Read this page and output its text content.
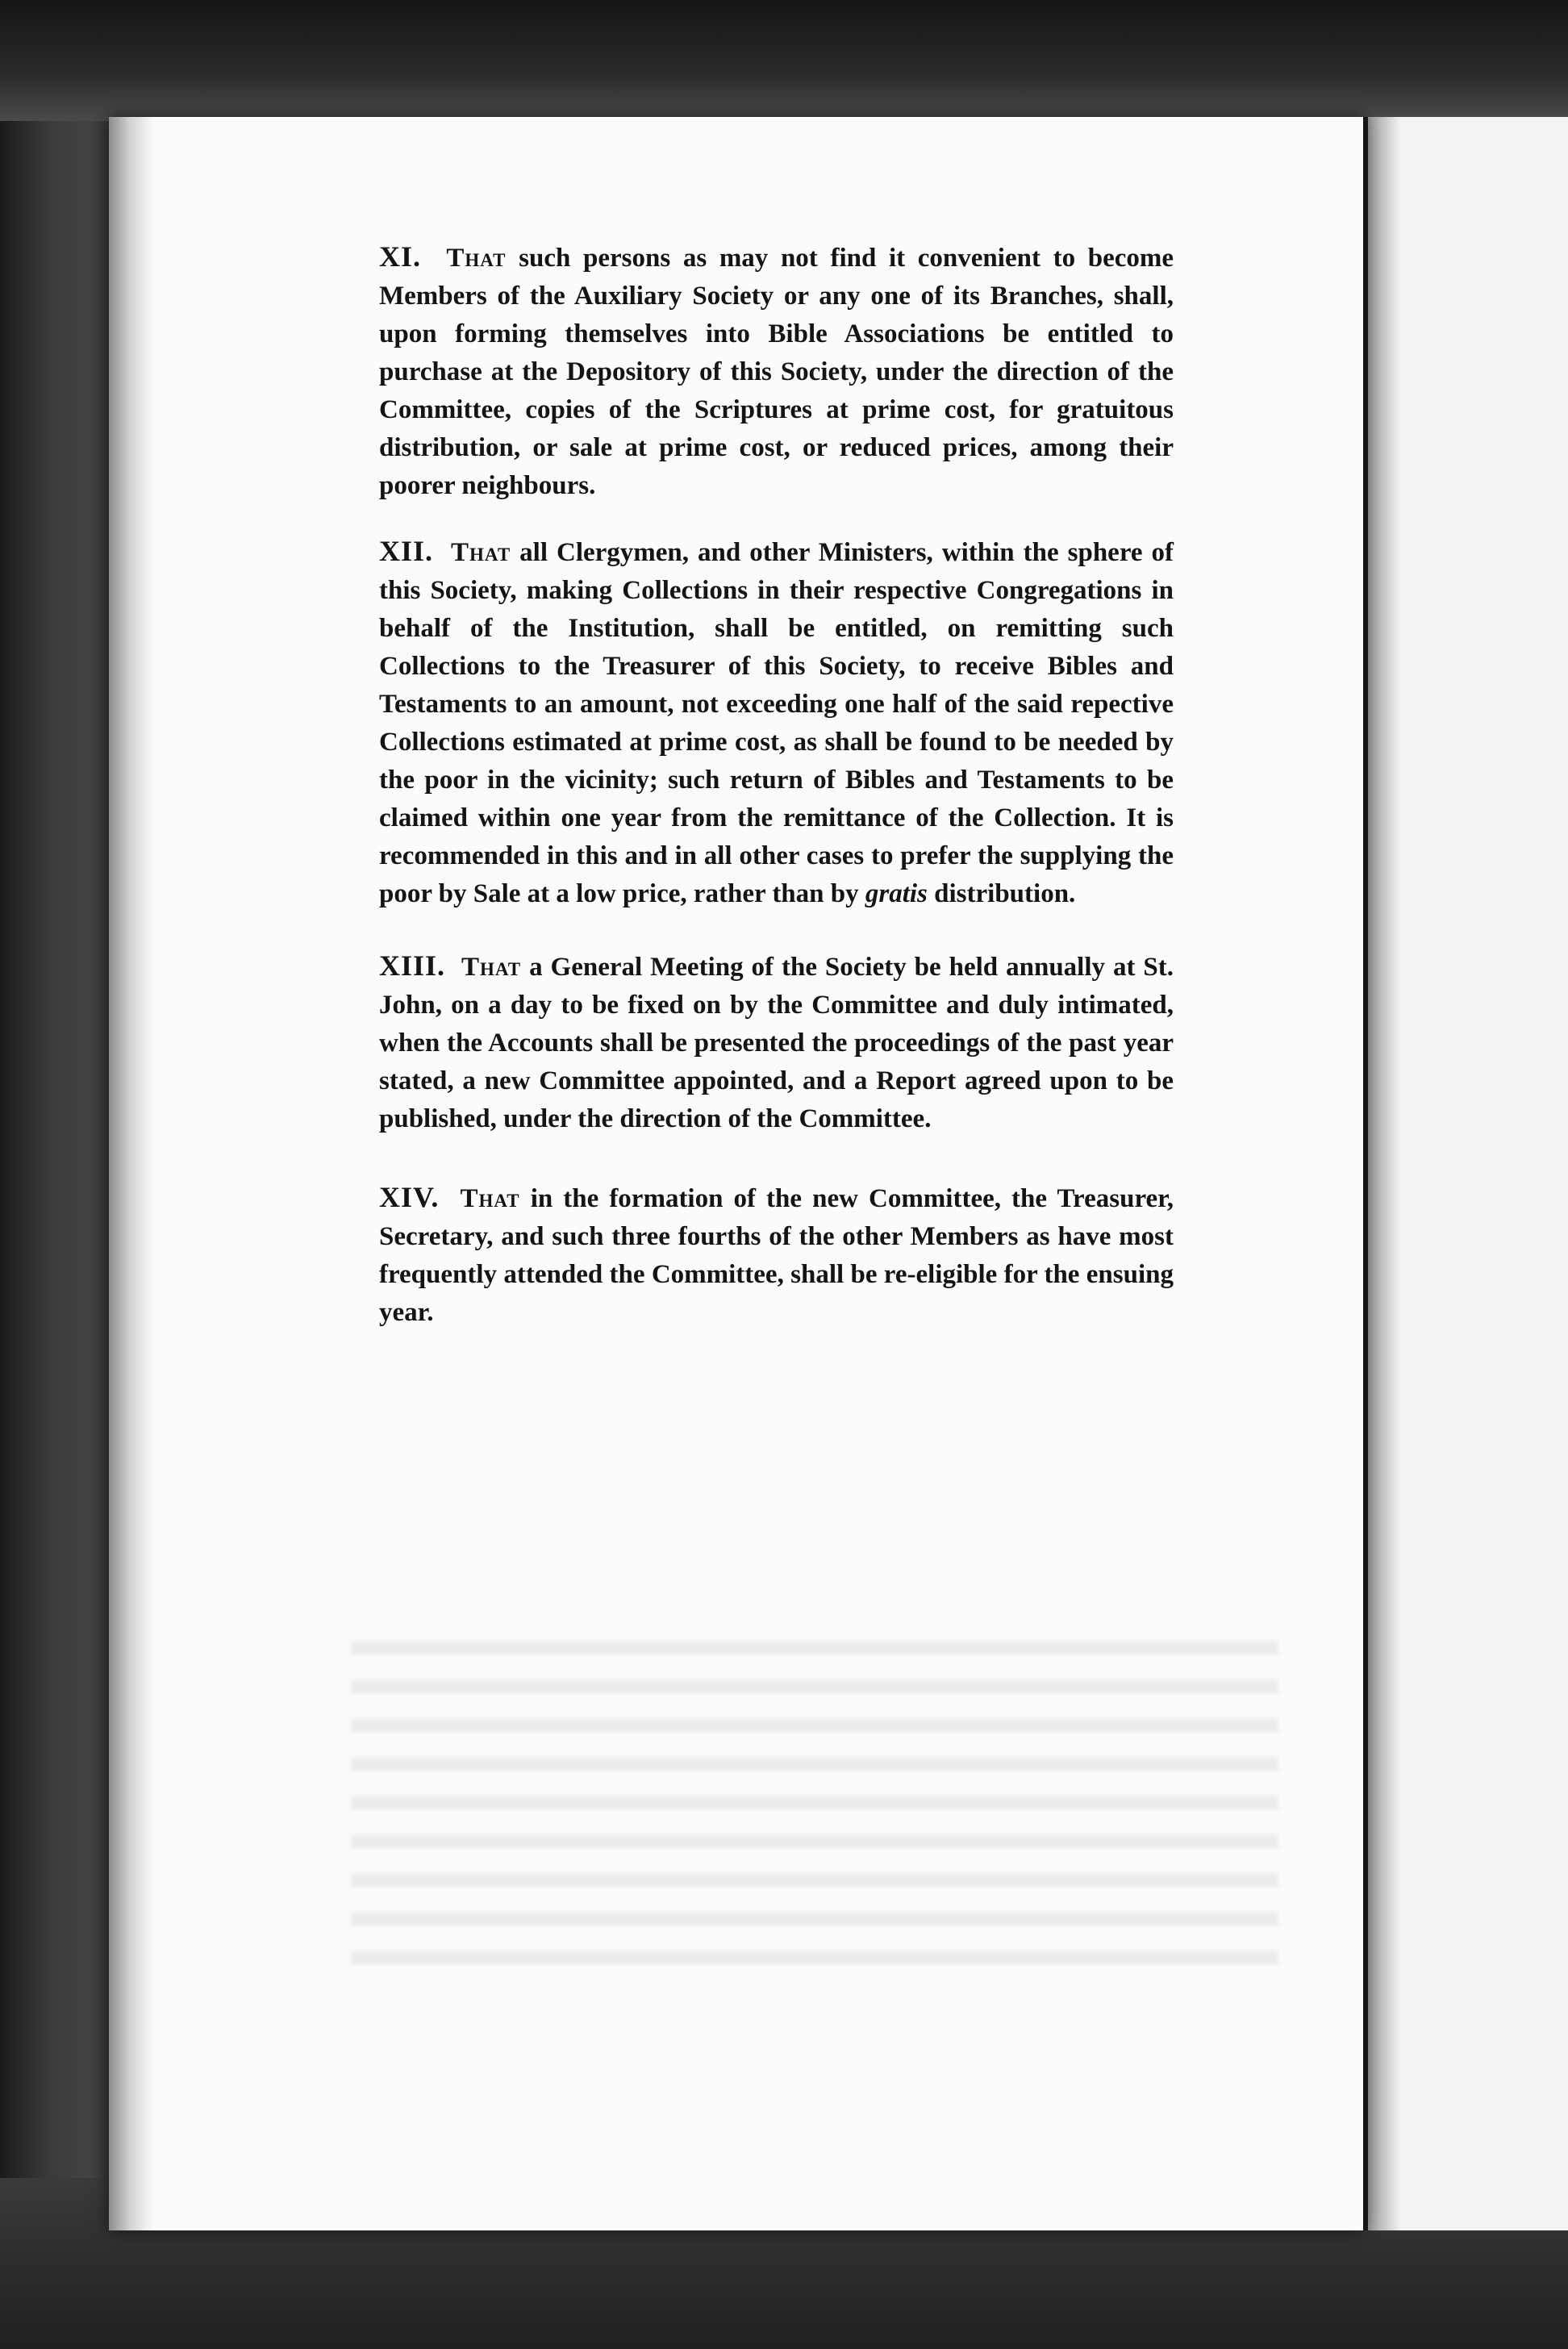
XI. That such persons as may not find it convenient to become Members of the Auxiliary Society or any one of its Branches, shall, upon forming themselves into Bible Associations be entitled to purchase at the Depository of this Society, under the direction of the Committee, copies of the Scriptures at prime cost, for gratuitous distribution, or sale at prime cost, or reduced prices, among their poorer neighbours.

XII. That all Clergymen, and other Ministers, within the sphere of this Society, making Collections in their respective Congregations in behalf of the Institution, shall be entitled, on remitting such Collections to the Treasurer of this Society, to receive Bibles and Testaments to an amount, not exceeding one half of the said repective Collections estimated at prime cost, as shall be found to be needed by the poor in the vicinity; such return of Bibles and Testaments to be claimed within one year from the remittance of the Collection. It is recommended in this and in all other cases to prefer the supplying the poor by Sale at a low price, rather than by gratis distribution.

XIII. That a General Meeting of the Society be held annually at St. John, on a day to be fixed on by the Committee and duly intimated, when the Accounts shall be presented the proceedings of the past year stated, a new Committee appointed, and a Report agreed upon to be published, under the direction of the Committee.

XIV. That in the formation of the new Committee, the Treasurer, Secretary, and such three fourths of the other Members as have most frequently attended the Committee, shall be re-eligible for the ensuing year.
